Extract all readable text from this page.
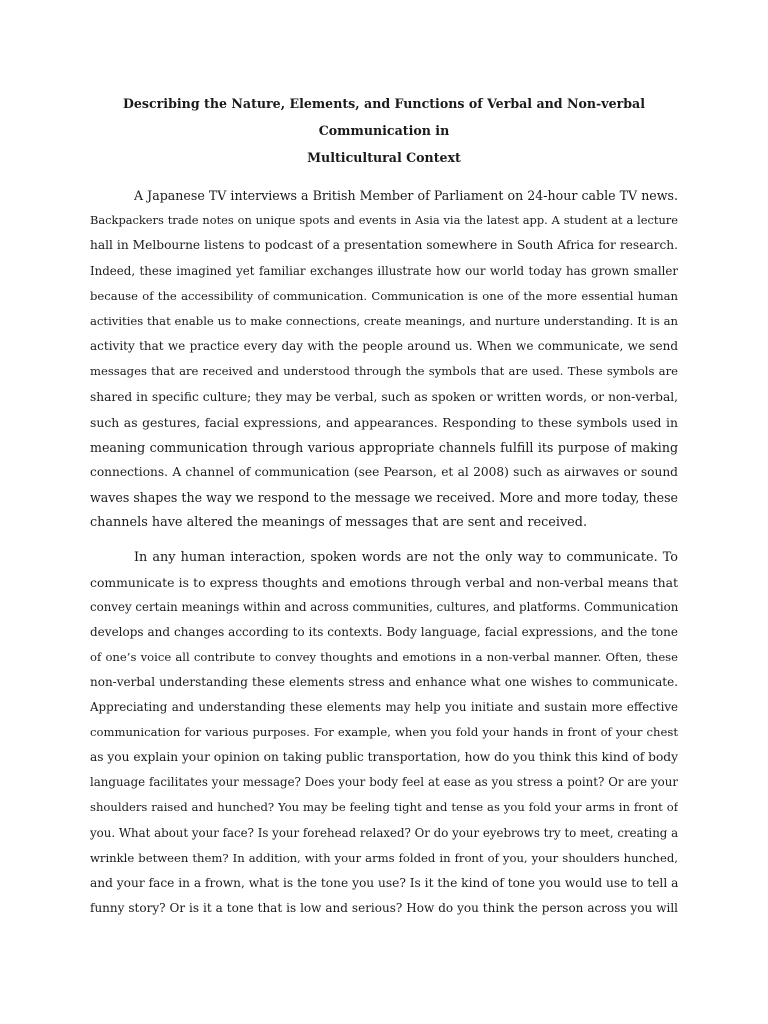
Describing the Nature, Elements, and Functions of Verbal and Non-verbal Communication in
Multicultural Context
A Japanese TV interviews a British Member of Parliament on 24-hour cable TV news.
Backpackers trade notes on unique spots and events in Asia via the latest app. A student at a lecture
hall in Melbourne listens to podcast of a presentation somewhere in South Africa for research.
Indeed, these imagined yet familiar exchanges illustrate how our world today has grown smaller
because of the accessibility of communication. Communication is one of the more essential human
activities that enable us to make connections, create meanings, and nurture understanding. It is an
activity that we practice every day with the people around us. When we communicate, we send
messages that are received and understood through the symbols that are used. These symbols are
shared in specific culture; they may be verbal, such as spoken or written words, or non-verbal,
such as gestures, facial expressions, and appearances. Responding to these symbols used in
meaning communication through various appropriate channels fulfill its purpose of making
connections. A channel of communication (see Pearson, et al 2008) such as airwaves or sound
waves shapes the way we respond to the message we received. More and more today, these
channels have altered the meanings of messages that are sent and received.
In any human interaction, spoken words are not the only way to communicate. To
communicate is to express thoughts and emotions through verbal and non-verbal means that
convey certain meanings within and across communities, cultures, and platforms. Communication
develops and changes according to its contexts. Body language, facial expressions, and the tone
of one’s voice all contribute to convey thoughts and emotions in a non-verbal manner. Often, these
non-verbal understanding these elements stress and enhance what one wishes to communicate.
Appreciating and understanding these elements may help you initiate and sustain more effective
communication for various purposes. For example, when you fold your hands in front of your chest
as you explain your opinion on taking public transportation, how do you think this kind of body
language facilitates your message? Does your body feel at ease as you stress a point? Or are your
shoulders raised and hunched? You may be feeling tight and tense as you fold your arms in front of
you. What about your face? Is your forehead relaxed? Or do your eyebrows try to meet, creating a
wrinkle between them? In addition, with your arms folded in front of you, your shoulders hunched,
and your face in a frown, what is the tone you use? Is it the kind of tone you would use to tell a
funny story? Or is it a tone that is low and serious? How do you think the person across you will
